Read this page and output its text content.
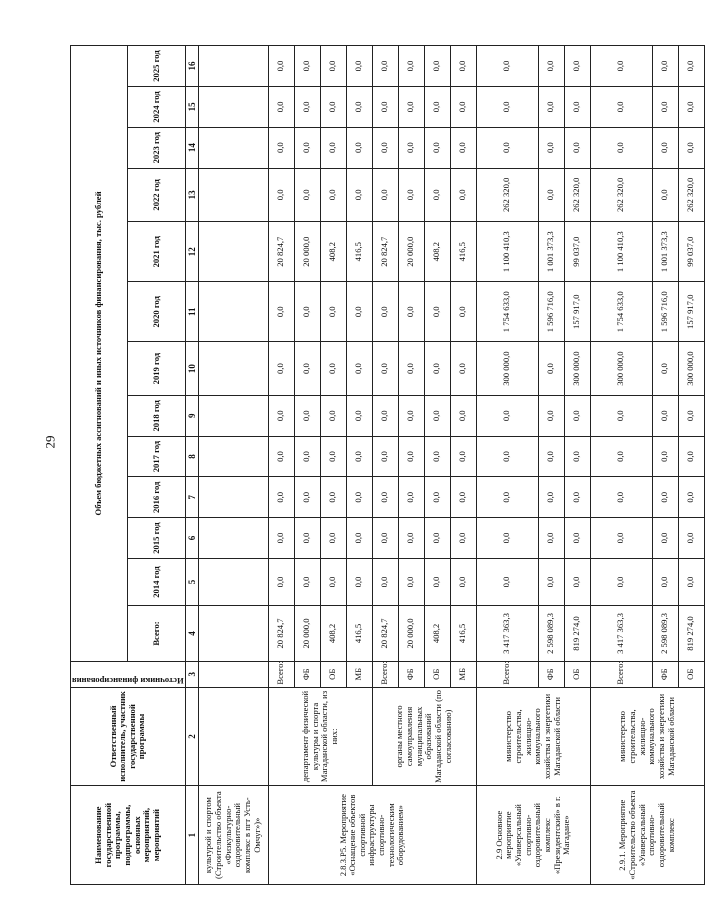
29
Наименование государственной программы, подпрограммы, основных мероприятий, мероприятий	Ответственный исполнитель, участник государственной программы	Источники финансирования	Объем бюджетных ассигнований и иных источников финансирования, тыс. рублей												
			Всего:	2014 год	2015 год	2016 год	2017 год	2018 год	2019 год	2020 год	2021 год	2022 год	2023 год	2024 год	2025 год
1	2	3	4	5	6	7	8	9	10	11	12	13	14	15	16
культурой и спортом (Строительство объекта «Физкультурно-оздоровительный комплекс в пгт Усть-Омчуг»)»															
2.8.3.P5. Мероприятие «Оснащение объектов спортивной инфраструктуры спортивно-технологическим оборудованием»	департамент физической культуры и спорта Магаданской области, из них:	Всего:	20 824,7	0,0	0,0	0,0	0,0	0,0	0,0	0,0	20 824,7	0,0	0,0	0,0	0,0
		ФБ	20 000,0	0,0	0,0	0,0	0,0	0,0	0,0	0,0	20 000,0	0,0	0,0	0,0	0,0
		ОБ	408,2	0,0	0,0	0,0	0,0	0,0	0,0	0,0	408,2	0,0	0,0	0,0	0,0
		МБ	416,5	0,0	0,0	0,0	0,0	0,0	0,0	0,0	416,5	0,0	0,0	0,0	0,0
	органы местного самоуправления муниципальных образований Магаданской области (по согласованию)	Всего:	20 824,7	0,0	0,0	0,0	0,0	0,0	0,0	0,0	20 824,7	0,0	0,0	0,0	0,0
		ФБ	20 000,0	0,0	0,0	0,0	0,0	0,0	0,0	0,0	20 000,0	0,0	0,0	0,0	0,0
		ОБ	408,2	0,0	0,0	0,0	0,0	0,0	0,0	0,0	408,2	0,0	0,0	0,0	0,0
		МБ	416,5	0,0	0,0	0,0	0,0	0,0	0,0	0,0	416,5	0,0	0,0	0,0	0,0
2.9 Основное мероприятие «Универсальный спортивно-оздоровительный комплекс «Президентский» в г. Магадане»	министерство строительства, жилищно-коммунального хозяйства и энергетики Магаданской области	Всего:	3 417 363,3	0,0	0,0	0,0	0,0	0,0	300 000,0	1 754 633,0	1 100 410,3	262 320,0	0,0	0,0	0,0
		ФБ	2 598 089,3	0,0	0,0	0,0	0,0	0,0	0,0	1 596 716,0	1 001 373,3	0,0	0,0	0,0	0,0
		ОБ	819 274,0	0,0	0,0	0,0	0,0	0,0	300 000,0	157 917,0	99 037,0	262 320,0	0,0	0,0	0,0
2.9.1. Мероприятие «Строительство объекта «Универсальный спортивно-оздоровительный комплекс	министерство строительства, жилищно-коммунального хозяйства и энергетики Магаданской области	Всего:	3 417 363,3	0,0	0,0	0,0	0,0	0,0	300 000,0	1 754 633,0	1 100 410,3	262 320,0	0,0	0,0	0,0
		ФБ	2 598 089,3	0,0	0,0	0,0	0,0	0,0	0,0	1 596 716,0	1 001 373,3	0,0	0,0	0,0	0,0
		ОБ	819 274,0	0,0	0,0	0,0	0,0	0,0	300 000,0	157 917,0	99 037,0	262 320,0	0,0	0,0	0,0
